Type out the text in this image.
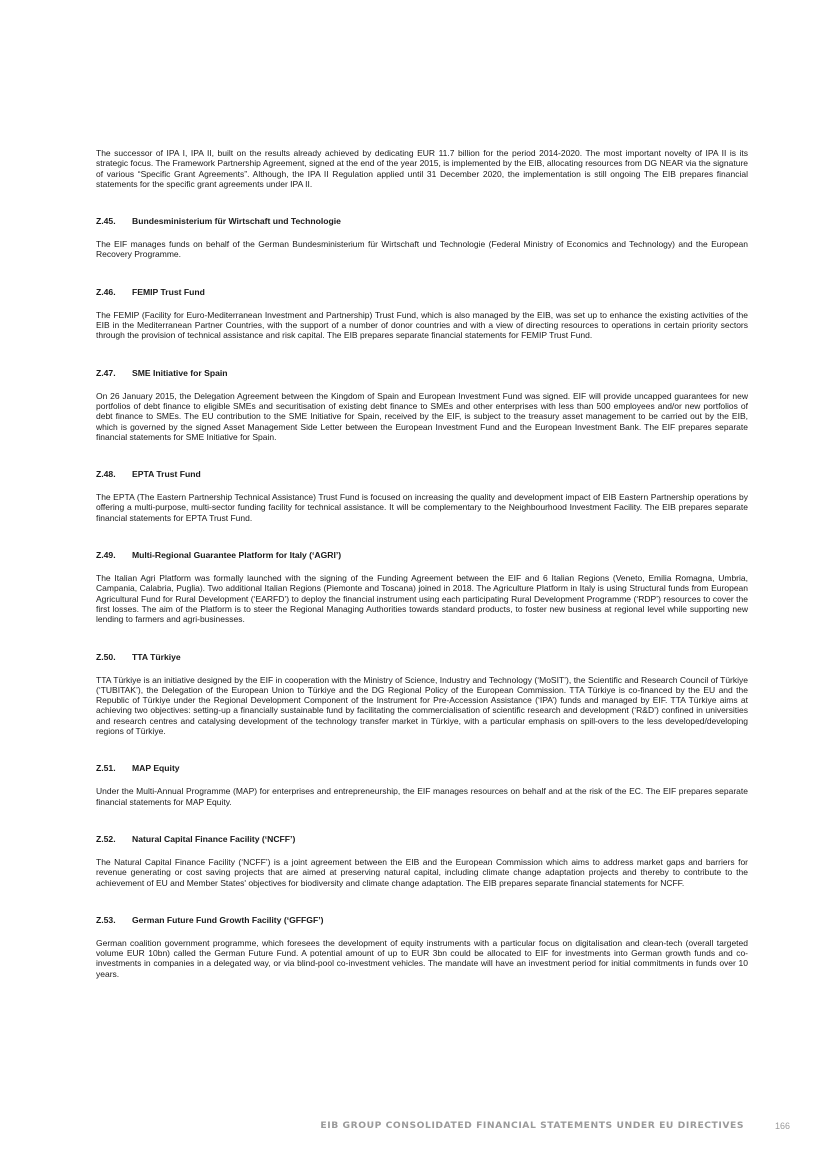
The successor of IPA I, IPA II, built on the results already achieved by dedicating EUR 11.7 billion for the period 2014-2020. The most important novelty of IPA II is its strategic focus. The Framework Partnership Agreement, signed at the end of the year 2015, is implemented by the EIB, allocating resources from DG NEAR via the signature of various “Specific Grant Agreements”. Although, the IPA II Regulation applied until 31 December 2020, the implementation is still ongoing The EIB prepares financial statements for the specific grant agreements under IPA II.

Z.45. Bundesministerium für Wirtschaft und Technologie

The EIF manages funds on behalf of the German Bundesministerium für Wirtschaft und Technologie (Federal Ministry of Economics and Technology) and the European Recovery Programme.

Z.46. FEMIP Trust Fund

The FEMIP (Facility for Euro-Mediterranean Investment and Partnership) Trust Fund, which is also managed by the EIB, was set up to enhance the existing activities of the EIB in the Mediterranean Partner Countries, with the support of a number of donor countries and with a view of directing resources to operations in certain priority sectors through the provision of technical assistance and risk capital. The EIB prepares separate financial statements for FEMIP Trust Fund.

Z.47. SME Initiative for Spain

On 26 January 2015, the Delegation Agreement between the Kingdom of Spain and European Investment Fund was signed. EIF will provide uncapped guarantees for new portfolios of debt finance to eligible SMEs and securitisation of existing debt finance to SMEs and other enterprises with less than 500 employees and/or new portfolios of debt finance to SMEs. The EU contribution to the SME Initiative for Spain, received by the EIF, is subject to the treasury asset management to be carried out by the EIB, which is governed by the signed Asset Management Side Letter between the European Investment Fund and the European Investment Bank. The EIF prepares separate financial statements for SME Initiative for Spain.

Z.48. EPTA Trust Fund

The EPTA (The Eastern Partnership Technical Assistance) Trust Fund is focused on increasing the quality and development impact of EIB Eastern Partnership operations by offering a multi-purpose, multi-sector funding facility for technical assistance. It will be complementary to the Neighbourhood Investment Facility. The EIB prepares separate financial statements for EPTA Trust Fund.

Z.49. Multi-Regional Guarantee Platform for Italy (‘AGRI’)

The Italian Agri Platform was formally launched with the signing of the Funding Agreement between the EIF and 6 Italian Regions (Veneto, Emilia Romagna, Umbria, Campania, Calabria, Puglia). Two additional Italian Regions (Piemonte and Toscana) joined in 2018. The Agriculture Platform in Italy is using Structural funds from European Agricultural Fund for Rural Development (‘EARFD’) to deploy the financial instrument using each participating Rural Development Programme (‘RDP’) resources to cover the first losses. The aim of the Platform is to steer the Regional Managing Authorities towards standard products, to foster new business at regional level while supporting new lending to farmers and agri-businesses.

Z.50. TTA Türkiye

TTA Türkiye is an initiative designed by the EIF in cooperation with the Ministry of Science, Industry and Technology (‘MoSIT’), the Scientific and Research Council of Türkiye (‘TUBITAK’), the Delegation of the European Union to Türkiye and the DG Regional Policy of the European Commission. TTA Türkiye is co-financed by the EU and the Republic of Türkiye under the Regional Development Component of the Instrument for Pre-Accession Assistance (‘IPA’) funds and managed by EIF. TTA Türkiye aims at achieving two objectives: setting-up a financially sustainable fund by facilitating the commercialisation of scientific research and development (‘R&D’) confined in universities and research centres and catalysing development of the technology transfer market in Türkiye, with a particular emphasis on spill-overs to the less developed/developing regions of Türkiye.

Z.51. MAP Equity

Under the Multi-Annual Programme (MAP) for enterprises and entrepreneurship, the EIF manages resources on behalf and at the risk of the EC. The EIF prepares separate financial statements for MAP Equity.

Z.52. Natural Capital Finance Facility (‘NCFF’)

The Natural Capital Finance Facility (‘NCFF’) is a joint agreement between the EIB and the European Commission which aims to address market gaps and barriers for revenue generating or cost saving projects that are aimed at preserving natural capital, including climate change adaptation projects and thereby to contribute to the achievement of EU and Member States' objectives for biodiversity and climate change adaptation. The EIB prepares separate financial statements for NCFF.

Z.53. German Future Fund Growth Facility (‘GFFGF’)

German coalition government programme, which foresees the development of equity instruments with a particular focus on digitalisation and clean-tech (overall targeted volume EUR 10bn) called the German Future Fund. A potential amount of up to EUR 3bn could be allocated to EIF for investments into German growth funds and co-investments in companies in a delegated way, or via blind-pool co-investment vehicles. The mandate will have an investment period for initial commitments in funds over 10 years.

EIB GROUP CONSOLIDATED FINANCIAL STATEMENTS UNDER EU DIRECTIVES	166
